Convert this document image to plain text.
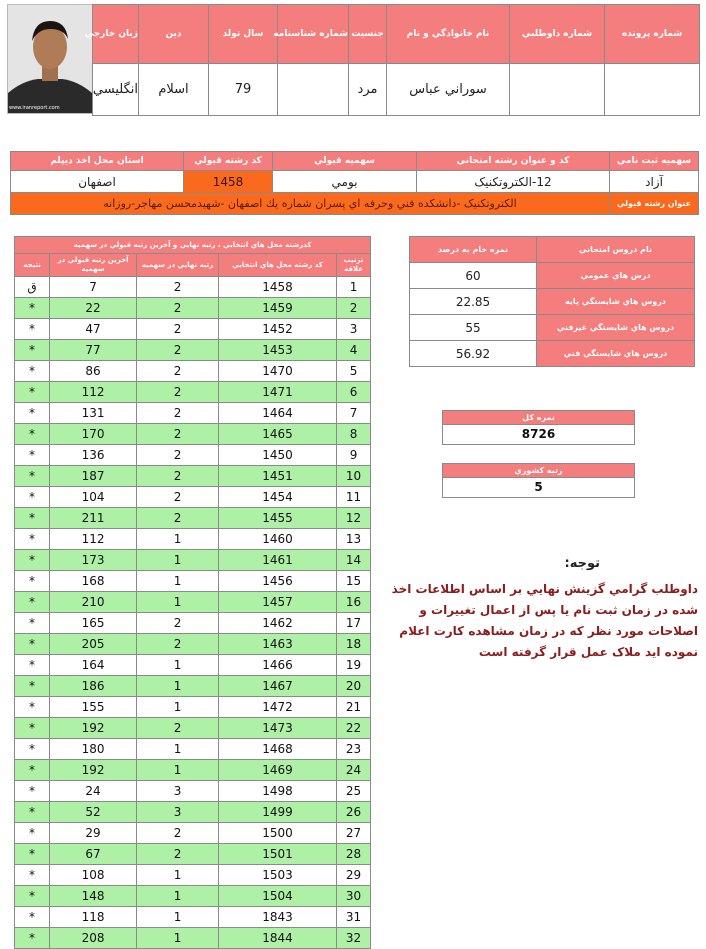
www.iranreport.com
شماره پرونده	شماره داوطلبي	نام خانوادگي و نام	جنسيت	شماره شناسنامه	سال تولد	دين	زبان خارجي
		سوراني عباس	مرد		79	اسلام	انگليسي
سهميه ثبت نامي	کد و عنوان رشته امتحاني	سهميه قبولي	کد رشته قبولي	استان محل اخذ ديپلم
آزاد	12-الکتروتکنيک	بومي	1458	اصفهان
عنوان رشته قبولي	الکتروتکنيک -دانشکده فني وحرفه اي پسران شماره يك اصفهان -شهيدمحسن مهاجر-روزانه			
کدرشته محل هاي انتخابي ، رتبه نهايي و آخرين رتبه قبولي در سهميه				
ترتيب علاقه	کد رشته محل هاي انتخابي	رتبه نهايي در سهميه	آخرين رتبه قبولي در سهميه	نتيجه
1	1458	2	7	ق
2	1459	2	22	*
3	1452	2	47	*
4	1453	2	77	*
5	1470	2	86	*
6	1471	2	112	*
7	1464	2	131	*
8	1465	2	170	*
9	1450	2	136	*
10	1451	2	187	*
11	1454	2	104	*
12	1455	2	211	*
13	1460	1	112	*
14	1461	1	173	*
15	1456	1	168	*
16	1457	1	210	*
17	1462	2	165	*
18	1463	2	205	*
19	1466	1	164	*
20	1467	1	186	*
21	1472	1	155	*
22	1473	2	192	*
23	1468	1	180	*
24	1469	1	192	*
25	1498	3	24	*
26	1499	3	52	*
27	1500	2	29	*
28	1501	2	67	*
29	1503	1	108	*
30	1504	1	148	*
31	1843	1	118	*
32	1844	1	208	*
نام دروس امتحاني	نمره خام به درصد
درس هاي عمومي	60
دروس هاي شايستگي پايه	22.85
دروس هاي شايستگي غيرفني	55
دروس هاي شايستگي فني	56.92
نمره کل
8726
رتبه کشوري
5
توجه:
داوطلب گرامي گزينش نهايي بر اساس اطلاعات اخذ شده در زمان ثبت نام يا پس از اعمال تغييرات و اصلاحات مورد نظر كه در زمان مشاهده كارت اعلام نموده ايد ملاک عمل قرار گرفته است
